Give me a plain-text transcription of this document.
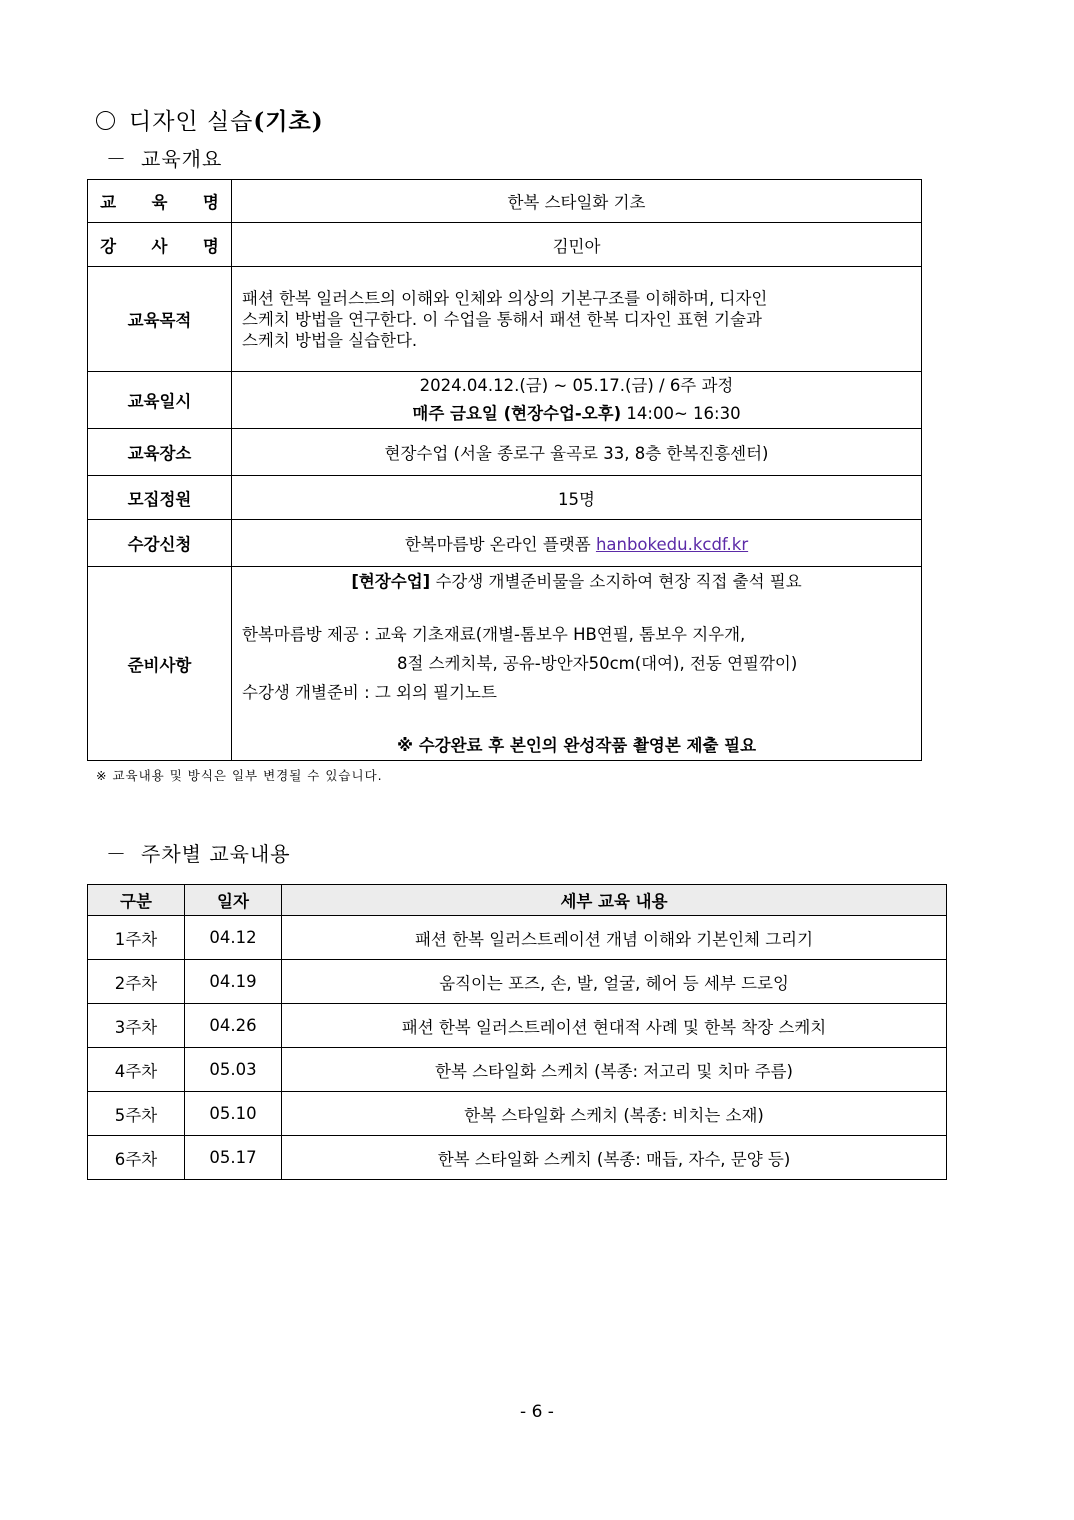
디자인 실습(기초)
－ 교육개요
교 육 명	한복 스타일화 기초
강 사 명	김민아
교육목적	패션 한복 일러스트의 이해와 인체와 의상의 기본구조를 이해하며, 디자인
스케치 방법을 연구한다. 이 수업을 통해서 패션 한복 디자인 표현 기술과
스케치 방법을 실습한다.

교육일시	2024.04.12.(금) ~ 05.17.(금) / 6주 과정
매주 금요일 (현장수업-오후) 14:00~ 16:30

교육장소	현장수업 (서울 종로구 율곡로 33, 8층 한복진흥센터)
모집정원	15명
수강신청	한복마름방 온라인 플랫폼 hanbokedu.kcdf.kr
준비사항	[현장수업] 수강생 개별준비물을 소지하여 현장 직접 출석 필요
한복마름방 제공 : 교육 기초재료(개별-톰보우 HB연필, 톰보우 지우개,
8절 스케치북, 공유-방안자50cm(대여), 전동 연필깎이)
수강생 개별준비 : 그 외의 필기노트
※ 수강완료 후 본인의 완성작품 촬영본 제출 필요
※ 교육내용 및 방식은 일부 변경될 수 있습니다.
－ 주차별 교육내용
구분	일자	세부 교육 내용
1주차	04.12	패션 한복 일러스트레이션 개념 이해와 기본인체 그리기
2주차	04.19	움직이는 포즈, 손, 발, 얼굴, 헤어 등 세부 드로잉
3주차	04.26	패션 한복 일러스트레이션 현대적 사례 및 한복 착장 스케치
4주차	05.03	한복 스타일화 스케치 (복종: 저고리 및 치마 주름)
5주차	05.10	한복 스타일화 스케치 (복종: 비치는 소재)
6주차	05.17	한복 스타일화 스케치 (복종: 매듭, 자수, 문양 등)
- 6 -
